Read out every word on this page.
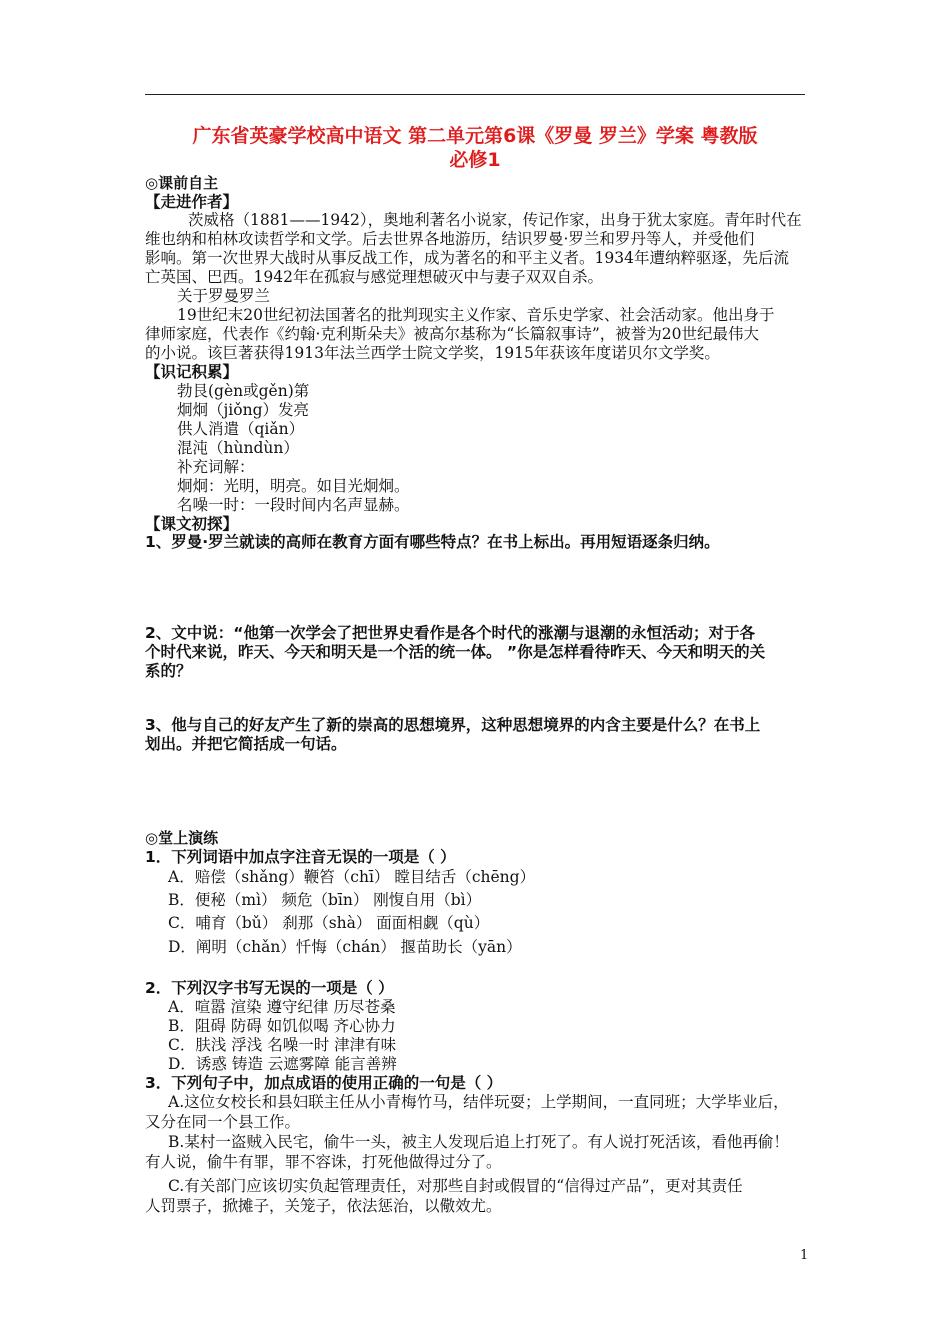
广东省英豪学校高中语文 第二单元第6课《罗曼 罗兰》学案 粤教版
必修1
◎课前自主
【走进作者】
茨威格（1881——1942），奥地利著名小说家，传记作家，出身于犹太家庭。青年时代在
维也纳和柏林攻读哲学和文学。后去世界各地游历，结识罗曼·罗兰和罗丹等人，并受他们
影响。第一次世界大战时从事反战工作，成为著名的和平主义者。1934年遭纳粹驱逐，先后流
亡英国、巴西。1942年在孤寂与感觉理想破灭中与妻子双双自杀。
关于罗曼罗兰
19世纪末20世纪初法国著名的批判现实主义作家、音乐史学家、社会活动家。他出身于
律师家庭，代表作《约翰·克利斯朵夫》被高尔基称为“长篇叙事诗”，被誉为20世纪最伟大
的小说。该巨著获得1913年法兰西学士院文学奖，1915年获该年度诺贝尔文学奖。
【识记积累】
勃艮(gèn或gěn)第
炯炯（jiǒng）发亮
供人消遣（qiǎn）
混沌（hùndùn）
补充词解：
炯炯：光明，明亮。如目光炯炯。
名噪一时：一段时间内名声显赫。
【课文初探】
1、罗曼·罗兰就读的高师在教育方面有哪些特点？在书上标出。再用短语逐条归纳。
2、文中说：“他第一次学会了把世界史看作是各个时代的涨潮与退潮的永恒活动；对于各
个时代来说，昨天、今天和明天是一个活的统一体。 ”你是怎样看待昨天、今天和明天的关
系的？
3、他与自己的好友产生了新的崇高的思想境界，这种思想境界的内含主要是什么？在书上
划出。并把它简括成一句话。
◎堂上演练
1．下列词语中加点字注音无误的一项是（ ）
A．赔偿（shǎng）鞭笞（chī） 瞠目结舌（chēng）
B．便秘（mì） 频危（bīn） 刚愎自用（bì）
C．哺育（bǔ） 刹那（shà） 面面相觑（qù）
D．阐明（chǎn）忏悔（chán） 揠苗助长（yān）
2．下列汉字书写无误的一项是（ ）
A．喧嚣 渲染 遵守纪律 历尽苍桑
B．阻碍 防碍 如饥似喝 齐心协力
C．肤浅 浮浅 名噪一时 津津有味
D．诱惑 铸造 云遮雾障 能言善辨
3．下列句子中，加点成语的使用正确的一句是（ ）
A.这位女校长和县妇联主任从小青梅竹马，结伴玩耍；上学期间，一直同班；大学毕业后，
又分在同一个县工作。
B.某村一盗贼入民宅，偷牛一头，被主人发现后追上打死了。有人说打死活该，看他再偷！
有人说，偷牛有罪，罪不容诛，打死他做得过分了。
C.有关部门应该切实负起管理责任，对那些自封或假冒的“信得过产品”，更对其责任
人罚票子，掀摊子，关笼子，依法惩治，以儆效尤。
1
